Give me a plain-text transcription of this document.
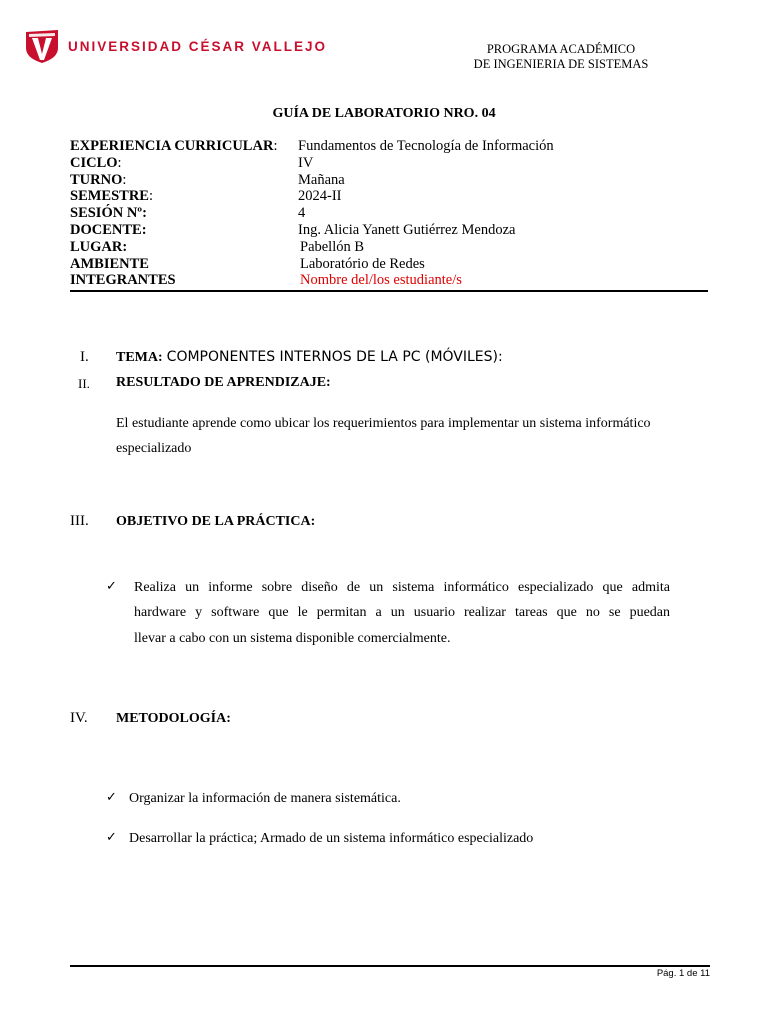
UNIVERSIDAD CÉSAR VALLEJO	PROGRAMA ACADÉMICO
DE INGENIERIA DE SISTEMAS
GUÍA DE LABORATORIO NRO. 04
EXPERIENCIA CURRICULAR: Fundamentos de Tecnología de Información
CICLO:	IV
TURNO:	Mañana
SEMESTRE:	2024-II
SESIÓN Nº:	4
DOCENTE:	Ing. Alicia Yanett Gutiérrez Mendoza
LUGAR:	Pabellón B
AMBIENTE	Laboratório de Redes
INTEGRANTES	Nombre del/los estudiante/s
I. TEMA: COMPONENTES INTERNOS DE LA PC (MÓVILES):
II. RESULTADO DE APRENDIZAJE:
El estudiante aprende como ubicar los requerimientos para implementar un sistema informático
especializado
III. OBJETIVO DE LA PRÁCTICA:
✓ Realiza un informe sobre diseño de un sistema informático especializado que admita
hardware y software que le permitan a un usuario realizar tareas que no se puedan
llevar a cabo con un sistema disponible comercialmente.
IV. METODOLOGÍA:
✓ Organizar la información de manera sistemática.
✓ Desarrollar la práctica; Armado de un sistema informático especializado
Pág. 1 de 11
